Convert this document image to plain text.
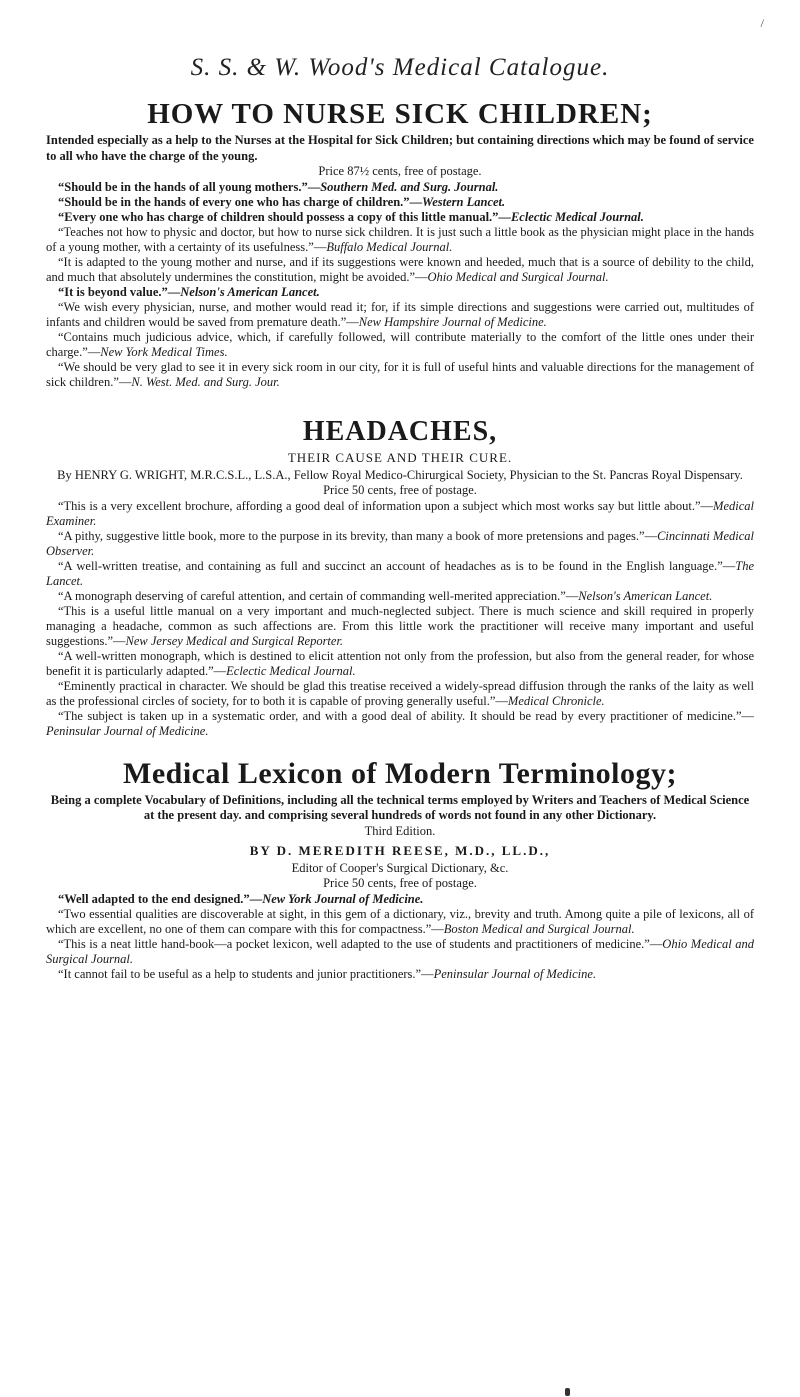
/
S. S. & W. Wood's Medical Catalogue.
HOW TO NURSE SICK CHILDREN;

Intended especially as a help to the Nurses at the Hospital for Sick Children; but containing directions which may be found of service to all who have the charge of the young.

Price 87½ cents, free of postage.

“Should be in the hands of all young mothers.”—Southern Med. and Surg. Journal.

“Should be in the hands of every one who has charge of children.”—Western Lancet.

“Every one who has charge of children should possess a copy of this little manual.”—Eclectic Medical Journal.

“Teaches not how to physic and doctor, but how to nurse sick children. It is just such a little book as the physician might place in the hands of a young mother, with a certainty of its usefulness.”—Buffalo Medical Journal.

“It is adapted to the young mother and nurse, and if its suggestions were known and heeded, much that is a source of debility to the child, and much that absolutely undermines the constitution, might be avoided.”—Ohio Medical and Surgical Journal.

“It is beyond value.”—Nelson's American Lancet.

“We wish every physician, nurse, and mother would read it; for, if its simple directions and suggestions were carried out, multitudes of infants and children would be saved from premature death.”—New Hampshire Journal of Medicine.

“Contains much judicious advice, which, if carefully followed, will contribute materially to the comfort of the little ones under their charge.”—New York Medical Times.

“We should be very glad to see it in every sick room in our city, for it is full of useful hints and valuable directions for the management of sick children.”—N. West. Med. and Surg. Jour.

HEADACHES,

THEIR CAUSE AND THEIR CURE.

By HENRY G. WRIGHT, M.R.C.S.L., L.S.A., Fellow Royal Medico-Chirurgical Society, Physician to the St. Pancras Royal Dispensary.

Price 50 cents, free of postage.

“This is a very excellent brochure, affording a good deal of information upon a subject which most works say but little about.”—Medical Examiner.

“A pithy, suggestive little book, more to the purpose in its brevity, than many a book of more pretensions and pages.”—Cincinnati Medical Observer.

“A well-written treatise, and containing as full and succinct an account of headaches as is to be found in the English language.”—The Lancet.

“A monograph deserving of careful attention, and certain of commanding well-merited appreciation.”—Nelson's American Lancet.

“This is a useful little manual on a very important and much-neglected subject. There is much science and skill required in properly managing a headache, common as such affections are. From this little work the practitioner will receive many important and useful suggestions.”—New Jersey Medical and Surgical Reporter.

“A well-written monograph, which is destined to elicit attention not only from the profession, but also from the general reader, for whose benefit it is particularly adapted.”—Eclectic Medical Journal.

“Eminently practical in character. We should be glad this treatise received a widely-spread diffusion through the ranks of the laity as well as the professional circles of society, for to both it is capable of proving generally useful.”—Medical Chronicle.

“The subject is taken up in a systematic order, and with a good deal of ability. It should be read by every practitioner of medicine.”—Peninsular Journal of Medicine.

Medical Lexicon of Modern Terminology;

Being a complete Vocabulary of Definitions, including all the technical terms employed by Writers and Teachers of Medical Science at the present day. and comprising several hundreds of words not found in any other Dictionary.

Third Edition.

BY D. MEREDITH REESE, M.D., LL.D.,

Editor of Cooper's Surgical Dictionary, &c.

Price 50 cents, free of postage.

“Well adapted to the end designed.”—New York Journal of Medicine.

“Two essential qualities are discoverable at sight, in this gem of a dictionary, viz., brevity and truth. Among quite a pile of lexicons, all of which are excellent, no one of them can compare with this for compactness.”—Boston Medical and Surgical Journal.

“This is a neat little hand-book—a pocket lexicon, well adapted to the use of students and practitioners of medicine.”—Ohio Medical and Surgical Journal.

“It cannot fail to be useful as a help to students and junior practitioners.”—Peninsular Journal of Medicine.
